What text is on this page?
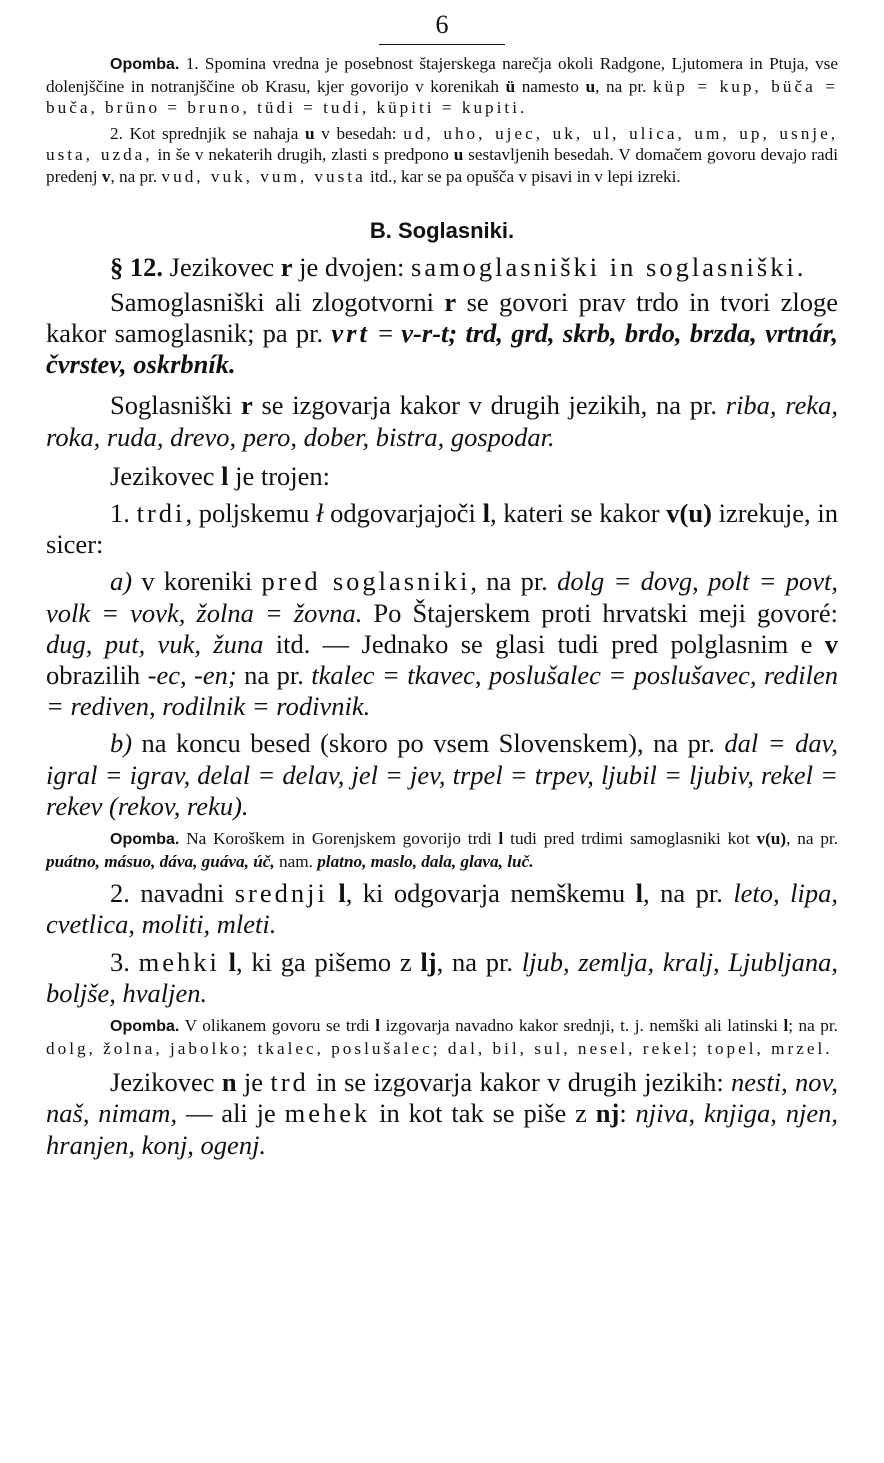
6

Opomba. 1. Spomina vredna je posebnost štajerskega narečja okoli Radgone, Ljutomera in Ptuja, vse dolenjščine in notranjščine ob Krasu, kjer govorijo v korenikah ü namesto u, na pr. küp = kup, büča = buča, brüno = bruno, tüdi = tudi, küpiti = kupiti.

2. Kot sprednjik se nahaja u v besedah: ud, uho, ujec, uk, ul, ulica, um, up, usnje, usta, uzda, in še v nekaterih drugih, zlasti s predpono u sestavljenih besedah. V domačem govoru devajo radi predenj v, na pr. vud, vuk, vum, vusta itd., kar se pa opušča v pisavi in v lepi izreki.

B. Soglasniki.

§ 12. Jezikovec r je dvojen: samoglasniški in soglasniški.

Samoglasniški ali zlogotvorni r se govori prav trdo in tvori zloge kakor samoglasnik; pa pr. vrt = v-r-t; trd, grd, skrb, brdo, brzda, vrtnár, čvrstev, oskrbník.

Soglasniški r se izgovarja kakor v drugih jezikih, na pr. riba, reka, roka, ruda, drevo, pero, dober, bistra, gospodar.

Jezikovec l je trojen:

1. trdi, poljskemu ł odgovarjajoči l, kateri se kakor v(u) izrekuje, in sicer:

a) v koreniki pred soglasniki, na pr. dolg = dovg, polt = povt, volk = vovk, žolna = žovna. Po Štajerskem proti hrvatski meji govoré: dug, put, vuk, žuna itd. — Jednako se glasi tudi pred polglasnim e v obrazilih -ec, -en; na pr. tkalec = tkavec, poslušalec = poslušavec, redilen = rediven, rodilnik = rodivnik.

b) na koncu besed (skoro po vsem Slovenskem), na pr. dal = dav, igral = igrav, delal = delav, jel = jev, trpel = trpev, ljubil = ljubiv, rekel = rekev (rekov, reku).

Opomba. Na Koroškem in Gorenjskem govorijo trdi l tudi pred trdimi samoglasniki kot v(u), na pr. puátno, másuo, dáva, guáva, úč, nam. platno, maslo, dala, glava, luč.

2. navadni srednji l, ki odgovarja nemškemu l, na pr. leto, lipa, cvetlica, moliti, mleti.

3. mehki l, ki ga pišemo z lj, na pr. ljub, zemlja, kralj, Ljubljana, boljše, hvaljen.

Opomba. V olikanem govoru se trdi l izgovarja navadno kakor srednji, t. j. nemški ali latinski l; na pr. dolg, žolna, jabolko; tkalec, poslušalec; dal, bil, sul, nesel, rekel; topel, mrzel.

Jezikovec n je trd in se izgovarja kakor v drugih jezikih: nesti, nov, naš, nimam, — ali je mehek in kot tak se piše z nj: njiva, knjiga, njen, hranjen, konj, ogenj.
